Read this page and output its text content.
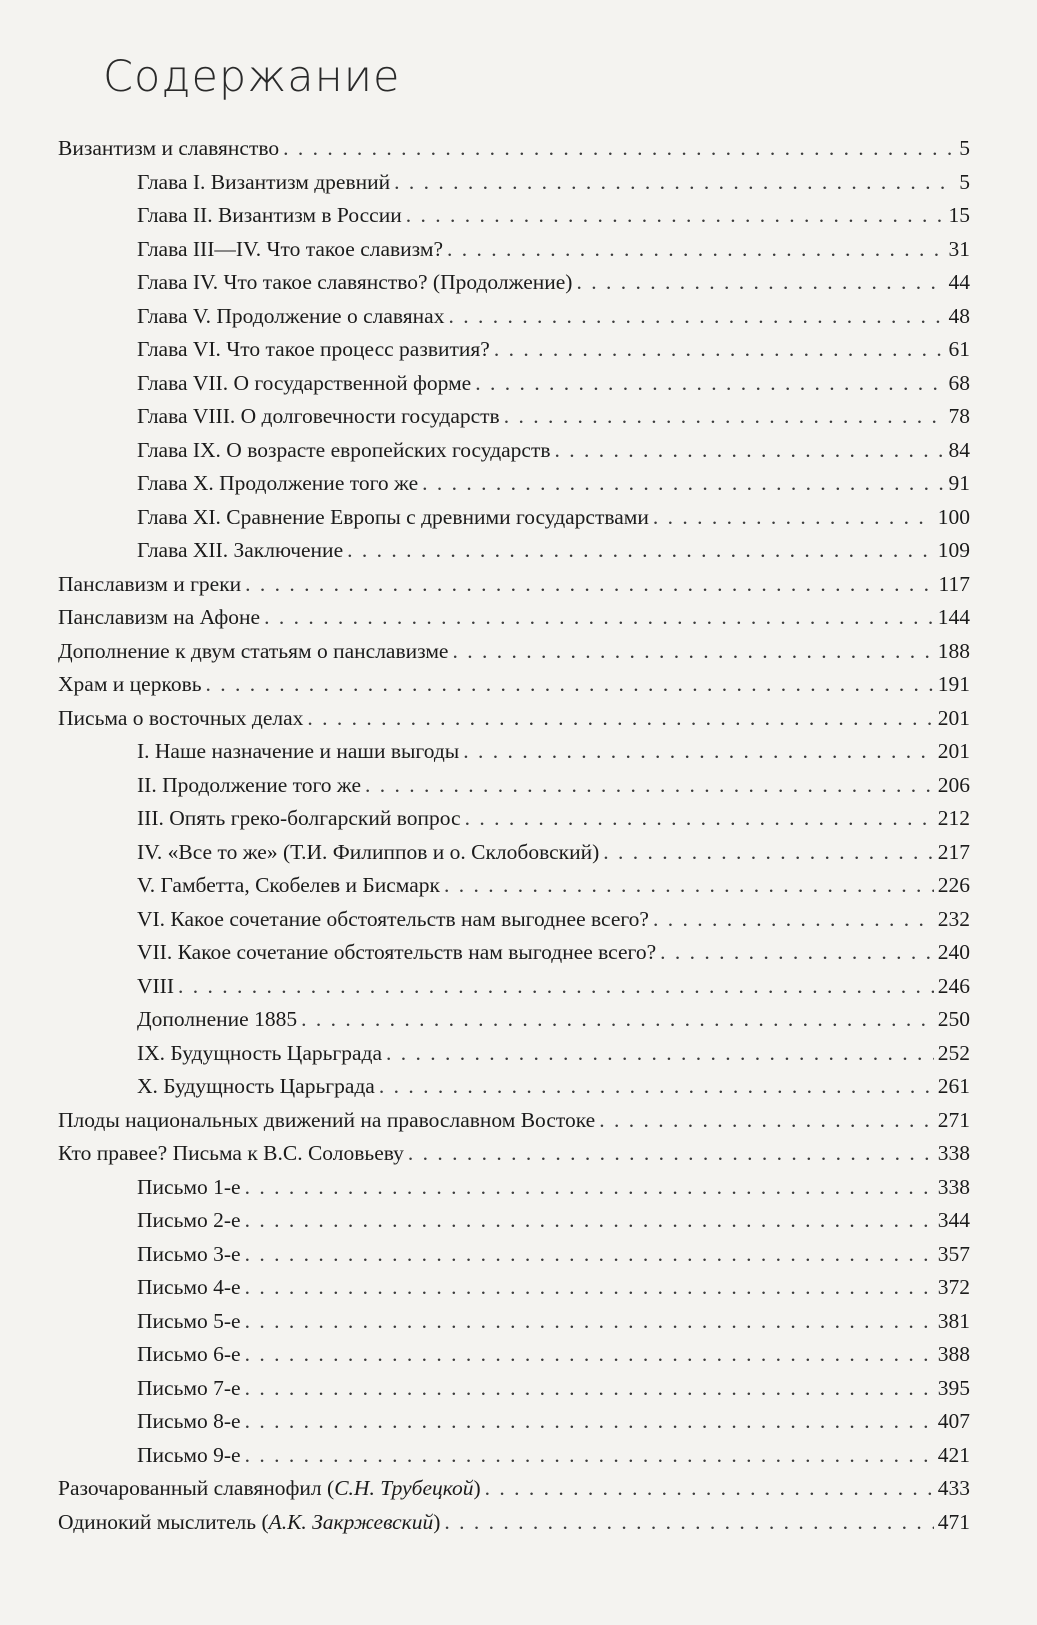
Содержание
Византизм и славянство . . .	5
Глава I. Византизм древний . . .	5
Глава II. Византизм в России . . .	15
Глава III—IV. Что такое славизм? . . .	31
Глава IV. Что такое славянство? (Продолжение) . . .	44
Глава V. Продолжение о славянах . . .	48
Глава VI. Что такое процесс развития? . . .	61
Глава VII. О государственной форме . . .	68
Глава VIII. О долговечности государств . . .	78
Глава IX. О возрасте европейских государств . . .	84
Глава X. Продолжение того же . . .	91
Глава XI. Сравнение Европы с древними государствами . . .	100
Глава XII. Заключение . . .	109
Панславизм и греки . . .	117
Панславизм на Афоне . . .	144
Дополнение к двум статьям о панславизме . . .	188
Храм и церковь . . .	191
Письма о восточных делах . . .	201
I. Наше назначение и наши выгоды . . .	201
II. Продолжение того же . . .	206
III. Опять греко-болгарский вопрос . . .	212
IV. «Все то же» (Т.И. Филиппов и о. Склобовский) . . .	217
V. Гамбетта, Скобелев и Бисмарк . . .	226
VI. Какое сочетание обстоятельств нам выгоднее всего? . . .	232
VII. Какое сочетание обстоятельств нам выгоднее всего? . . .	240
VIII . . .	246
Дополнение 1885 . . .	250
IX. Будущность Царьграда . . .	252
X. Будущность Царьграда . . .	261
Плоды национальных движений на православном Востоке . . .	271
Кто правее? Письма к В.С. Соловьеву . . .	338
Письмо 1-е . . .	338
Письмо 2-е . . .	344
Письмо 3-е . . .	357
Письмо 4-е . . .	372
Письмо 5-е . . .	381
Письмо 6-е . . .	388
Письмо 7-е . . .	395
Письмо 8-е . . .	407
Письмо 9-е . . .	421
Разочарованный славянофил (С.Н. Трубецкой) . . .	433
Одинокий мыслитель (А.К. Закржевский) . . .	471
